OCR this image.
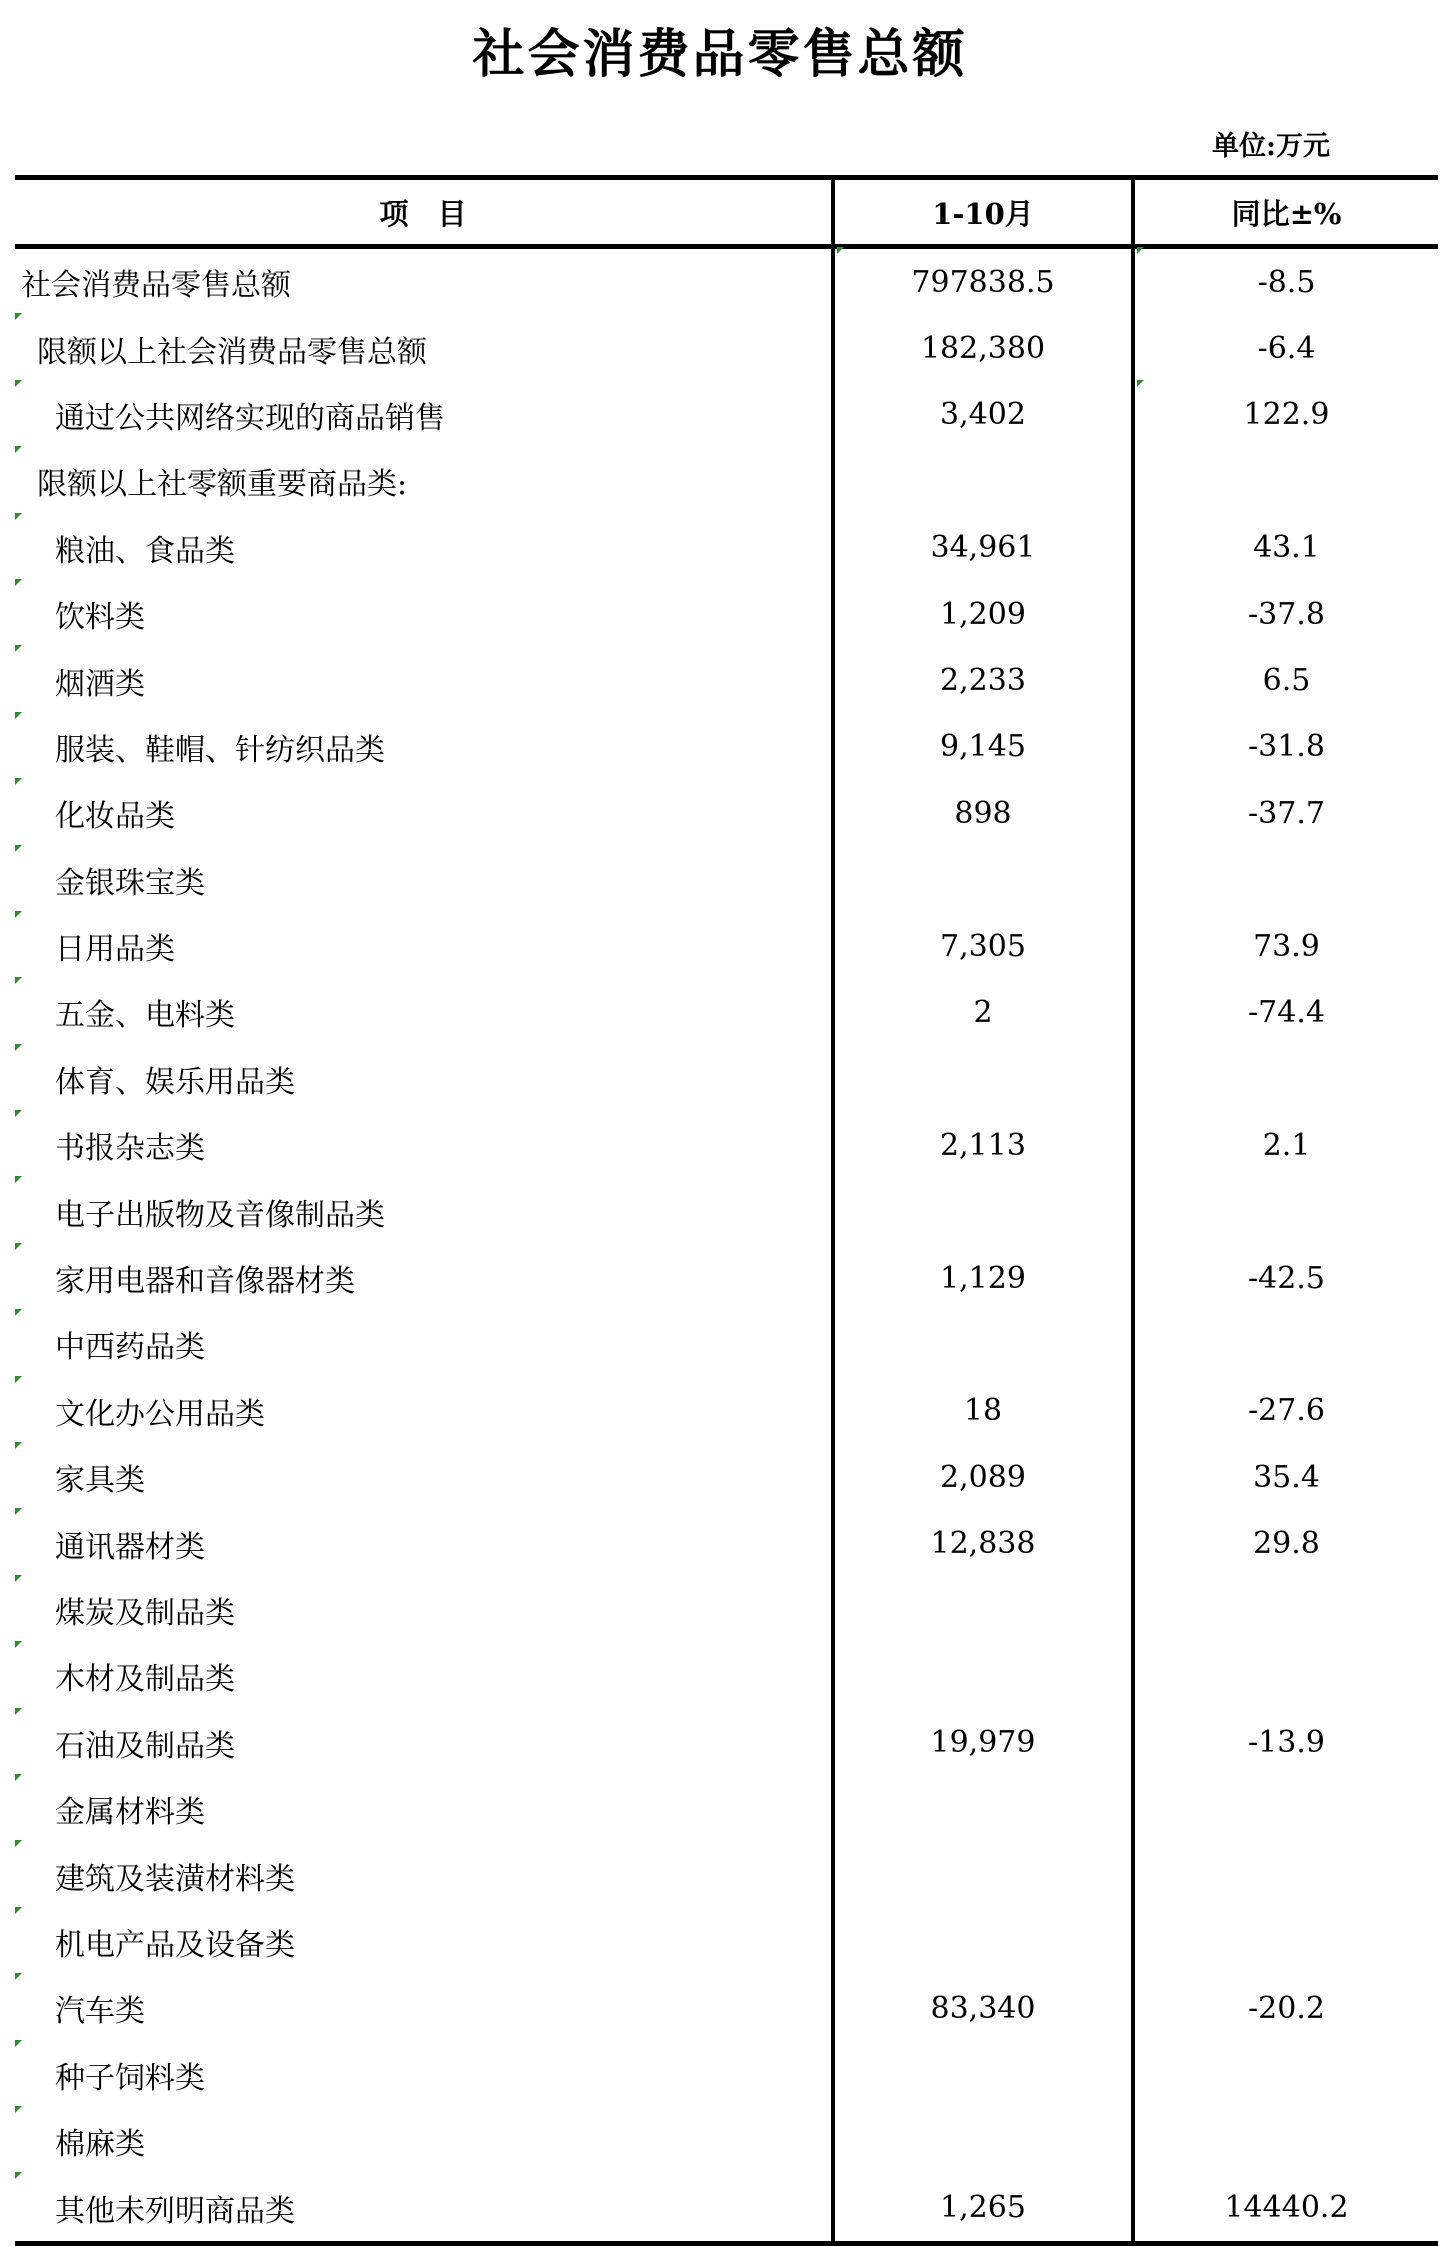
社会消费品零售总额
单位:万元
项　目	1-10月	同比±%
社会消费品零售总额	797838.5	-8.5
限额以上社会消费品零售总额	182,380	-6.4
通过公共网络实现的商品销售	3,402	122.9
限额以上社零额重要商品类:		
粮油、食品类	34,961	43.1
饮料类	1,209	-37.8
烟酒类	2,233	6.5
服装、鞋帽、针纺织品类	9,145	-31.8
化妆品类	898	-37.7
金银珠宝类		
日用品类	7,305	73.9
五金、电料类	2	-74.4
体育、娱乐用品类		
书报杂志类	2,113	2.1
电子出版物及音像制品类		
家用电器和音像器材类	1,129	-42.5
中西药品类		
文化办公用品类	18	-27.6
家具类	2,089	35.4
通讯器材类	12,838	29.8
煤炭及制品类		
木材及制品类		
石油及制品类	19,979	-13.9
金属材料类		
建筑及装潢材料类		
机电产品及设备类		
汽车类	83,340	-20.2
种子饲料类		
棉麻类		
其他未列明商品类	1,265	14440.2
